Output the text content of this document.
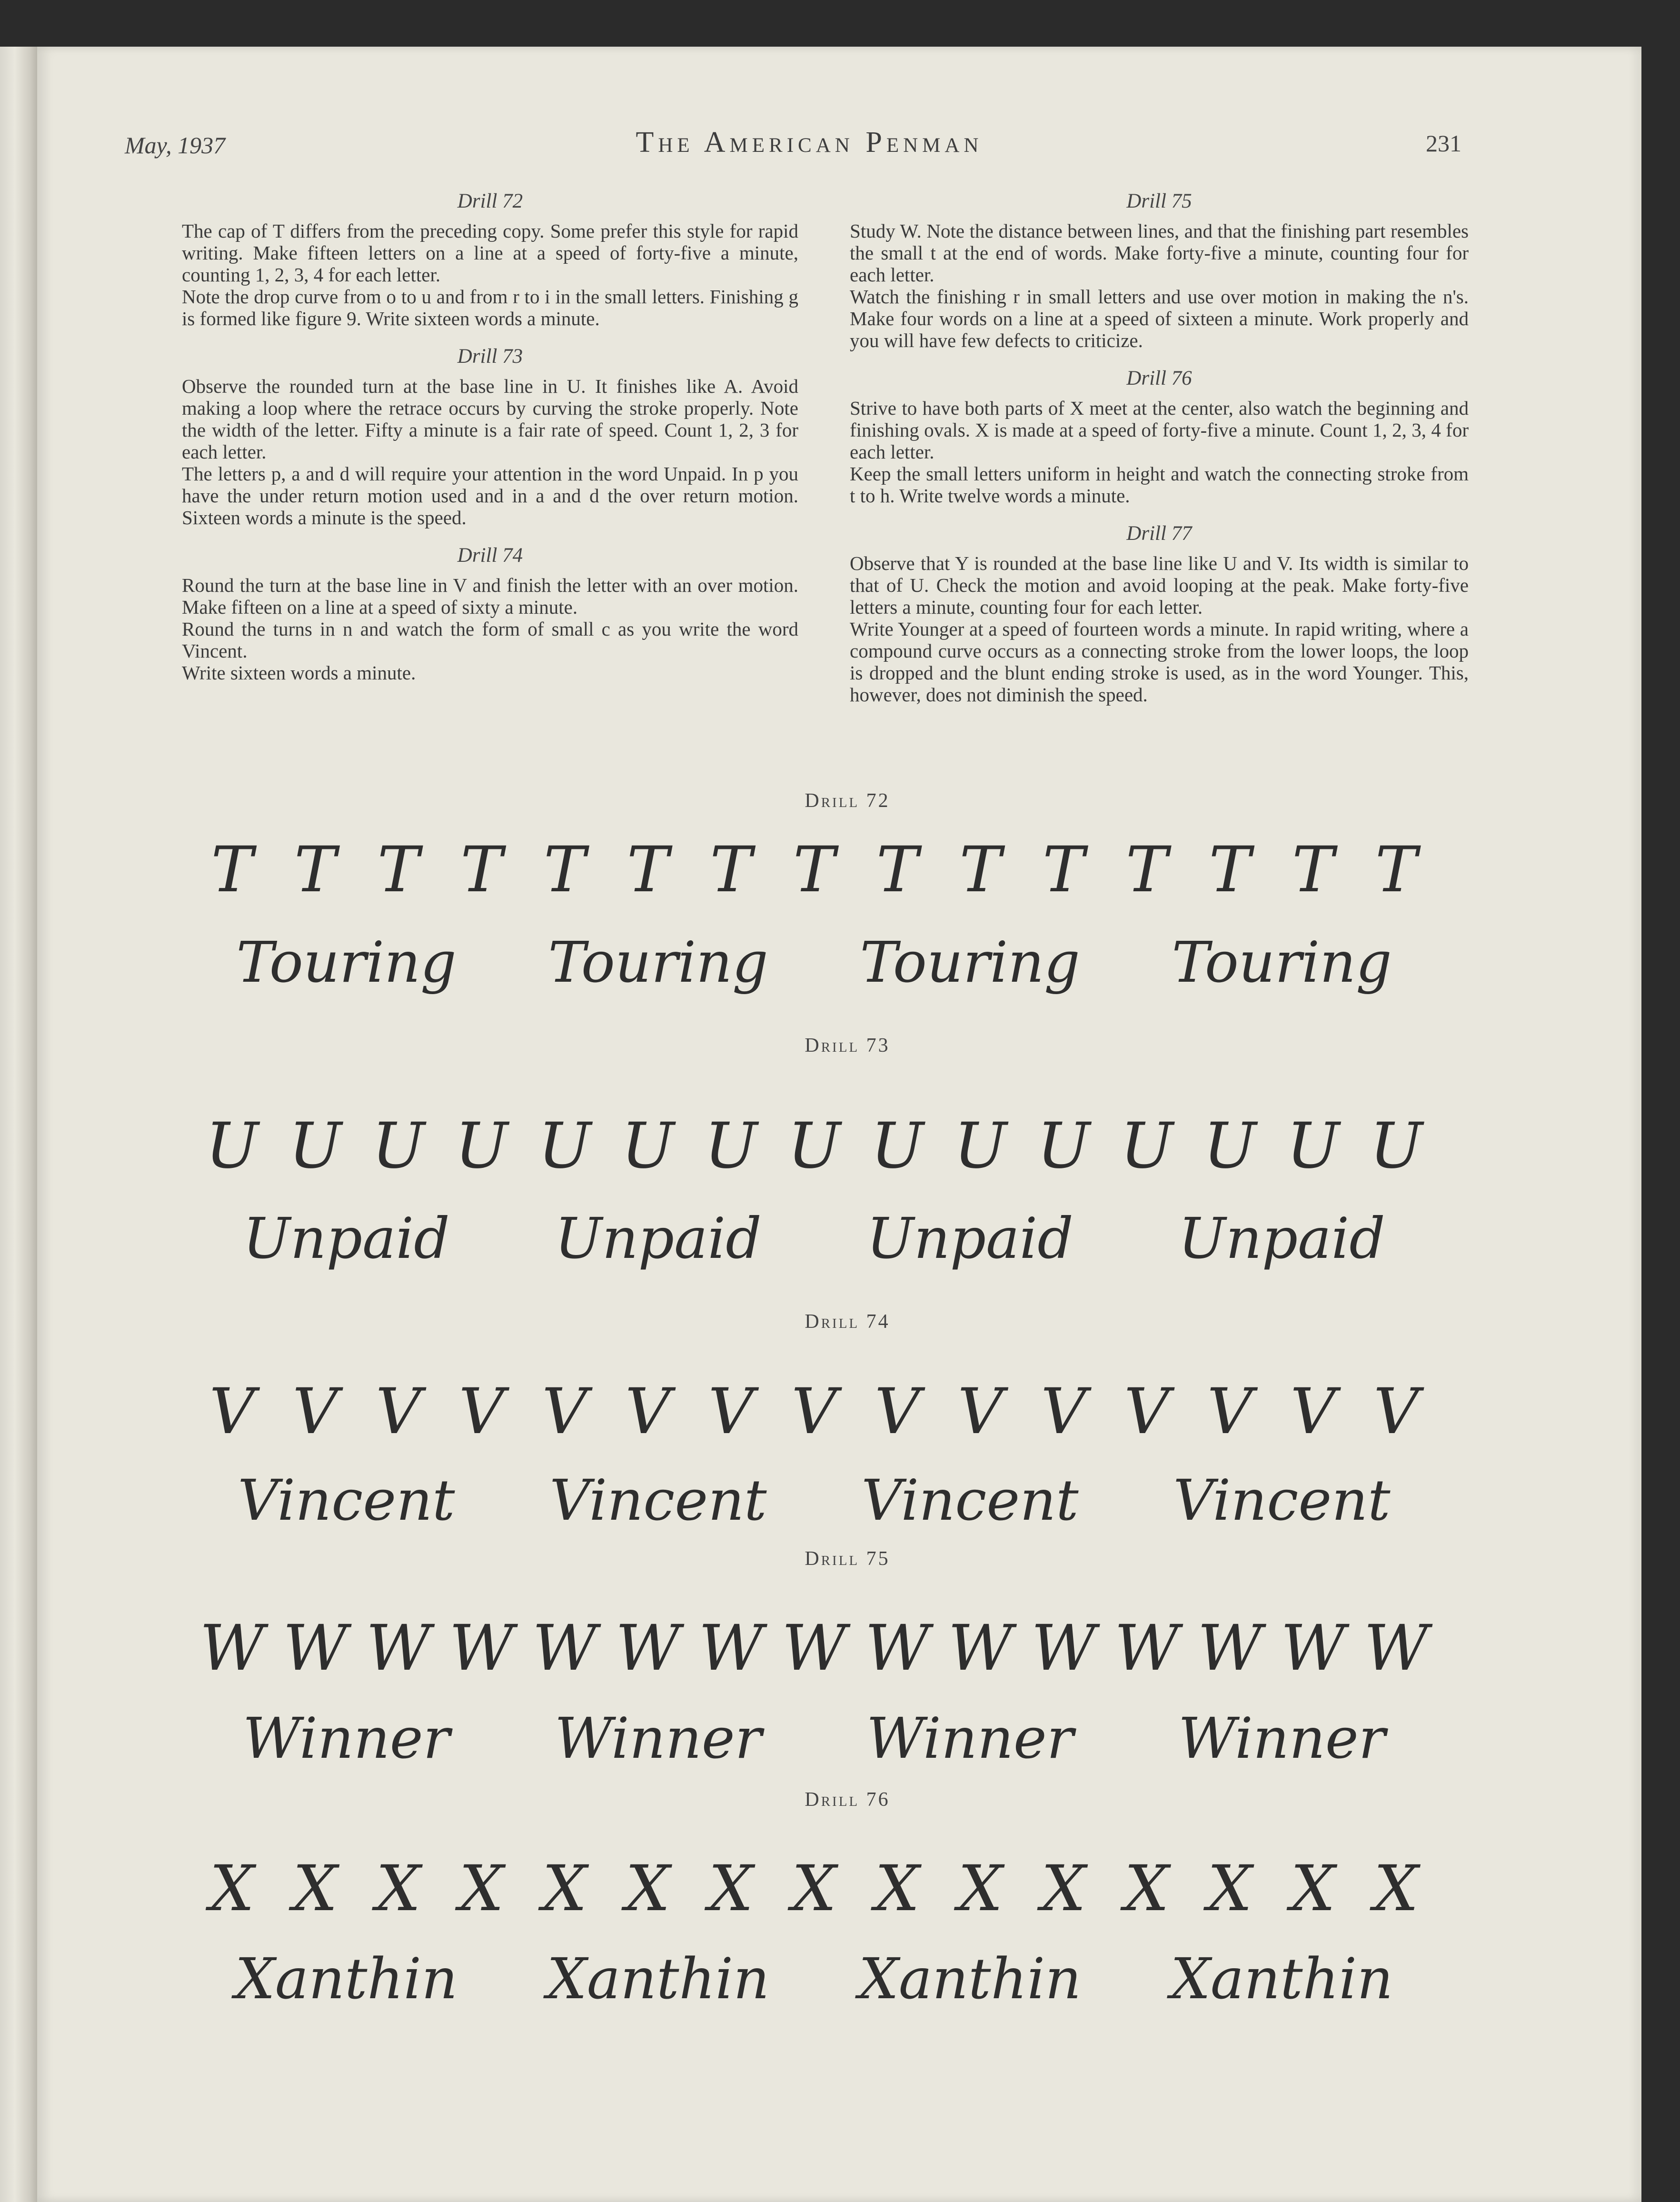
May, 1937	The American Penman	231
Drill 72

The cap of T differs from the preceding copy. Some prefer this style for rapid writing. Make fifteen letters on a line at a speed of forty-five a minute, counting 1, 2, 3, 4 for each letter.

Note the drop curve from o to u and from r to i in the small letters. Finishing g is formed like figure 9. Write sixteen words a minute.

Drill 73

Observe the rounded turn at the base line in U. It finishes like A. Avoid making a loop where the retrace occurs by curving the stroke properly. Note the width of the letter. Fifty a minute is a fair rate of speed. Count 1, 2, 3 for each letter.

The letters p, a and d will require your attention in the word Unpaid. In p you have the under return motion used and in a and d the over return motion. Sixteen words a minute is the speed.

Drill 74

Round the turn at the base line in V and finish the letter with an over motion. Make fifteen on a line at a speed of sixty a minute.

Round the turns in n and watch the form of small c as you write the word Vincent.

Write sixteen words a minute.

Drill 75

Study W. Note the distance between lines, and that the finishing part resembles the small t at the end of words. Make forty-five a minute, counting four for each letter.

Watch the finishing r in small letters and use over motion in making the n's. Make four words on a line at a speed of sixteen a minute. Work properly and you will have few defects to criticize.

Drill 76

Strive to have both parts of X meet at the center, also watch the beginning and finishing ovals. X is made at a speed of forty-five a minute. Count 1, 2, 3, 4 for each letter.

Keep the small letters uniform in height and watch the connecting stroke from t to h. Write twelve words a minute.

Drill 77

Observe that Y is rounded at the base line like U and V. Its width is similar to that of U. Check the motion and avoid looping at the peak. Make forty-five letters a minute, counting four for each letter.

Write Younger at a speed of fourteen words a minute. In rapid writing, where a compound curve occurs as a connecting stroke from the lower loops, the loop is dropped and the blunt ending stroke is used, as in the word Younger. This, however, does not diminish the speed.

Drill 72
T T T T T T T T T T T T T T T
Touring Touring Touring Touring
Drill 73
U U U U U U U U U U U U U U U
Unpaid Unpaid Unpaid Unpaid
Drill 74
V V V V V V V V V V V V V V V
Vincent Vincent Vincent Vincent
Drill 75
W W W W W W W W W W W W W W W
Winner Winner Winner Winner
Drill 76
X X X X X X X X X X X X X X X
Xanthin Xanthin Xanthin Xanthin
